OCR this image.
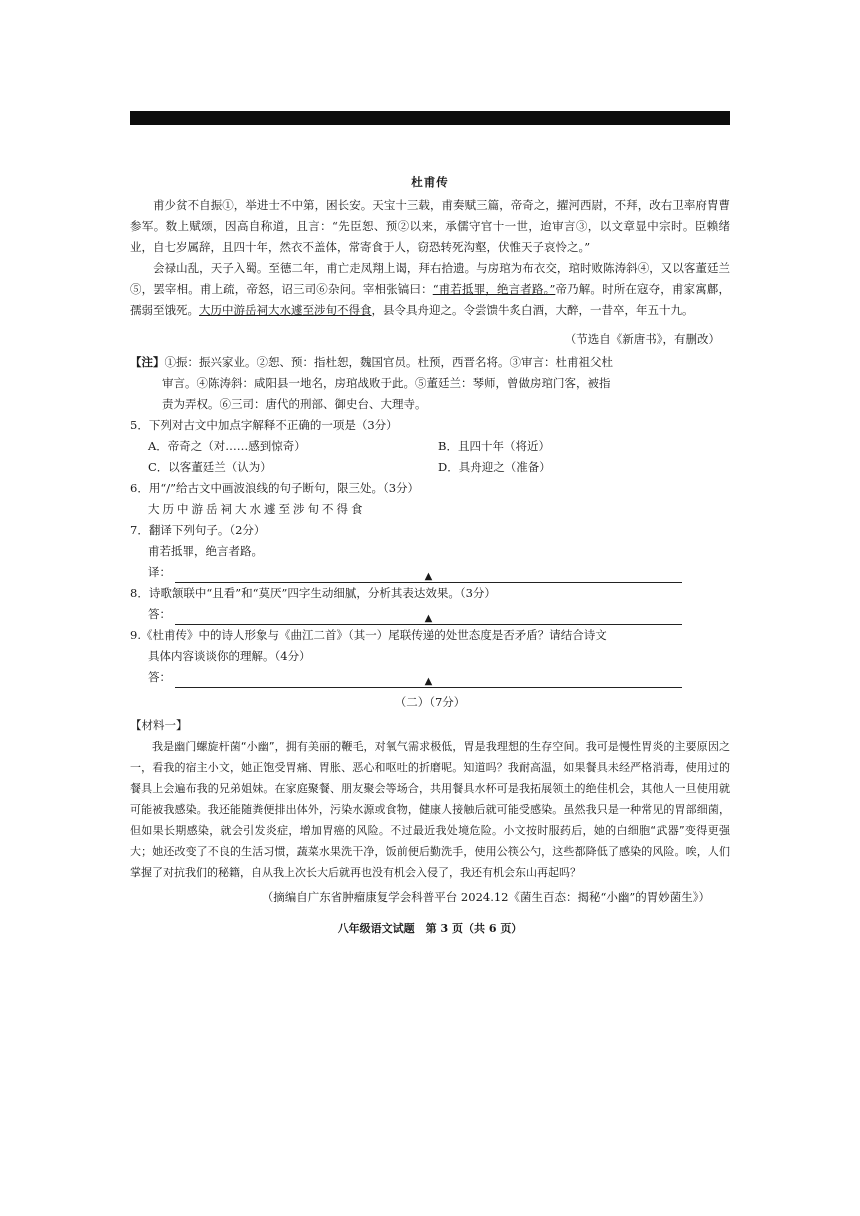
杜甫传

甫少贫不自振①，举进士不中第，困长安。天宝十三载，甫奏赋三篇，帝奇之，擢河西尉，不拜，改右卫率府胄曹参军。数上赋颂，因高自称道，且言：“先臣恕、预②以来，承儒守官十一世，迨审言③，以文章显中宗时。臣赖绪业，自七岁属辞，且四十年，然衣不盖体，常寄食于人，窃恐转死沟壑，伏惟天子哀怜之。”

会禄山乱，天子入蜀。至德二年，甫亡走凤翔上谒，拜右拾遗。与房琯为布衣交，琯时败陈涛斜④，又以客董廷兰⑤，罢宰相。甫上疏，帝怒，诏三司⑥杂问。宰相张镐曰：“甫若抵罪，绝言者路。”帝乃解。时所在寇夺，甫家寓鄜，孺弱至饿死。大历中游岳祠大水遽至涉旬不得食，县令具舟迎之。令尝馈牛炙白酒，大醉，一昔卒，年五十九。

（节选自《新唐书》，有删改）

【注】①振：振兴家业。②恕、预：指杜恕，魏国官员。杜预，西晋名将。③审言：杜甫祖父杜

审言。④陈涛斜：咸阳县一地名，房琯战败于此。⑤董廷兰：琴师，曾做房琯门客，被指

责为弄权。⑥三司：唐代的刑部、御史台、大理寺。

5．下列对古文中加点字解释不正确的一项是（3分）

A．帝奇之（对……感到惊奇）	B．且四十年（将近）
C．以客董廷兰（认为）	D．具舟迎之（准备）

6．用“/”给古文中画波浪线的句子断句，限三处。（3分）

大历中游岳祠大水遽至涉旬不得食

7．翻译下列句子。（2分）

甫若抵罪，绝言者路。

译：	▲

8．诗歌颔联中“且看”和“莫厌”四字生动细腻，分析其表达效果。（3分）

答：	▲

9.《杜甫传》中的诗人形象与《曲江二首》（其一）尾联传递的处世态度是否矛盾？请结合诗文

具体内容谈谈你的理解。（4分）

答：	▲
（二）（7分）

【材料一】

我是幽门螺旋杆菌“小幽”，拥有美丽的鞭毛，对氧气需求极低，胃是我理想的生存空间。我可是慢性胃炎的主要原因之一，看我的宿主小文，她正饱受胃痛、胃胀、恶心和呕吐的折磨呢。知道吗？我耐高温，如果餐具未经严格消毒，使用过的餐具上会遍布我的兄弟姐妹。在家庭聚餐、朋友聚会等场合，共用餐具水杯可是我拓展领土的绝佳机会，其他人一旦使用就可能被我感染。我还能随粪便排出体外，污染水源或食物，健康人接触后就可能受感染。虽然我只是一种常见的胃部细菌，但如果长期感染，就会引发炎症，增加胃癌的风险。不过最近我处境危险。小文按时服药后，她的白细胞“武器”变得更强大；她还改变了不良的生活习惯，蔬菜水果洗干净，饭前便后勤洗手，使用公筷公勺，这些都降低了感染的风险。唉，人们掌握了对抗我们的秘籍，自从我上次长大后就再也没有机会入侵了，我还有机会东山再起吗？

（摘编自广东省肿瘤康复学会科普平台 2024.12《菌生百态：揭秘“小幽”的胃妙菌生》）
八年级语文试题　第 3 页（共 6 页）
